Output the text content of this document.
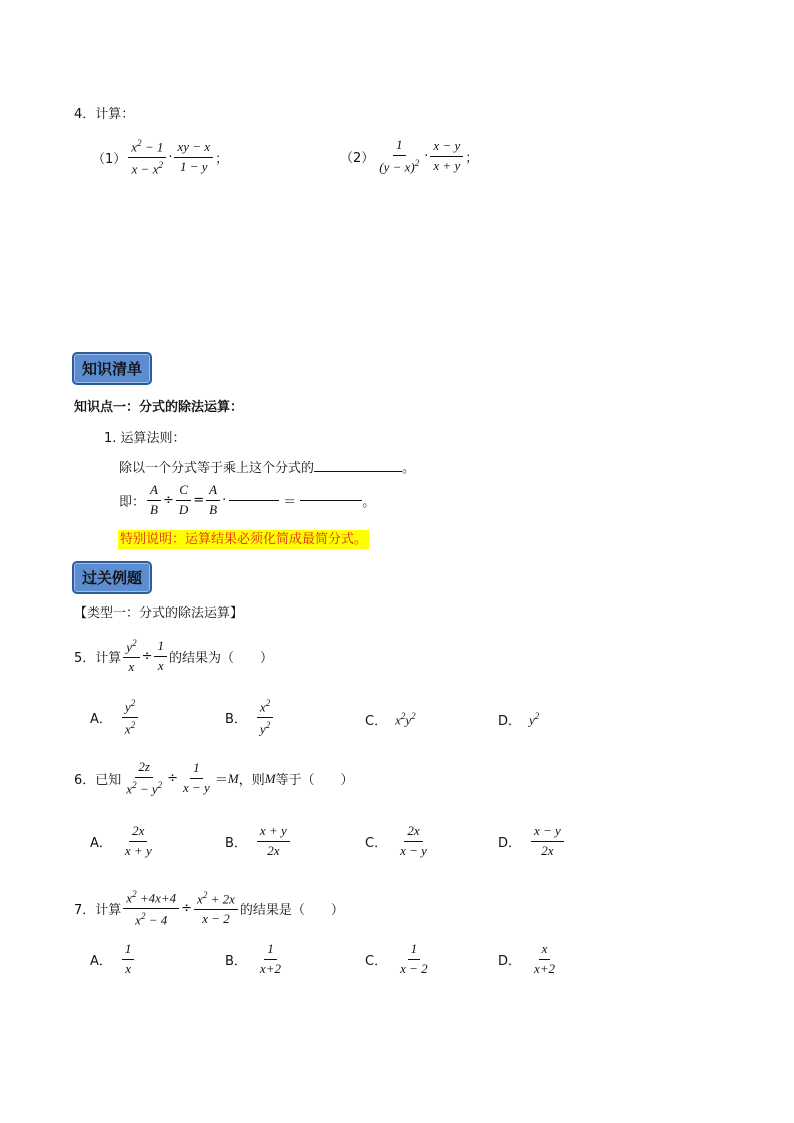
4．计算：
$(1) \frac{x^2 - 1}{x - x^2} \cdot \frac{xy - x}{1 - y}$ ；	$(2) \frac{1}{(y - x)^2} \cdot \frac{x - y}{x + y}$ ；
知识清单
知识点一：分式的除法运算：
1. 运算法则：
除以一个分式等于乘上这个分式的	。
即： $\frac{A}{B} \div \frac{C}{D} = \frac{A}{B}$ ·	＝	。
特别说明：运算结果必须化简成最简分式。
过关例题
【类型一：分式的除法运算】
5．计算 $\frac{y^2}{x} \div \frac{1}{x}$ 的结果为（　　）
A． $\frac{y^2}{x^2}$	B． $\frac{x^2}{y^2}$	C． $x^2y^2$	D． $y^2$
6．已知 $\frac{2z}{x^2 - y^2} \div \frac{1}{x - y} = M$ ，则 M 等于（　　）
A． $\frac{2x}{x + y}$	B． $\frac{x + y}{2x}$	C． $\frac{2x}{x - y}$	D． $\frac{x - y}{2x}$
7．计算 $\frac{x^2 +4x+4}{x^2 - 4} \div \frac{x^2 + 2x}{x - 2}$ 的结果是（　　）
A． $\frac{1}{x}$	B． $\frac{1}{x+2}$	C． $\frac{1}{x - 2}$	D． $\frac{x}{x+2}$
